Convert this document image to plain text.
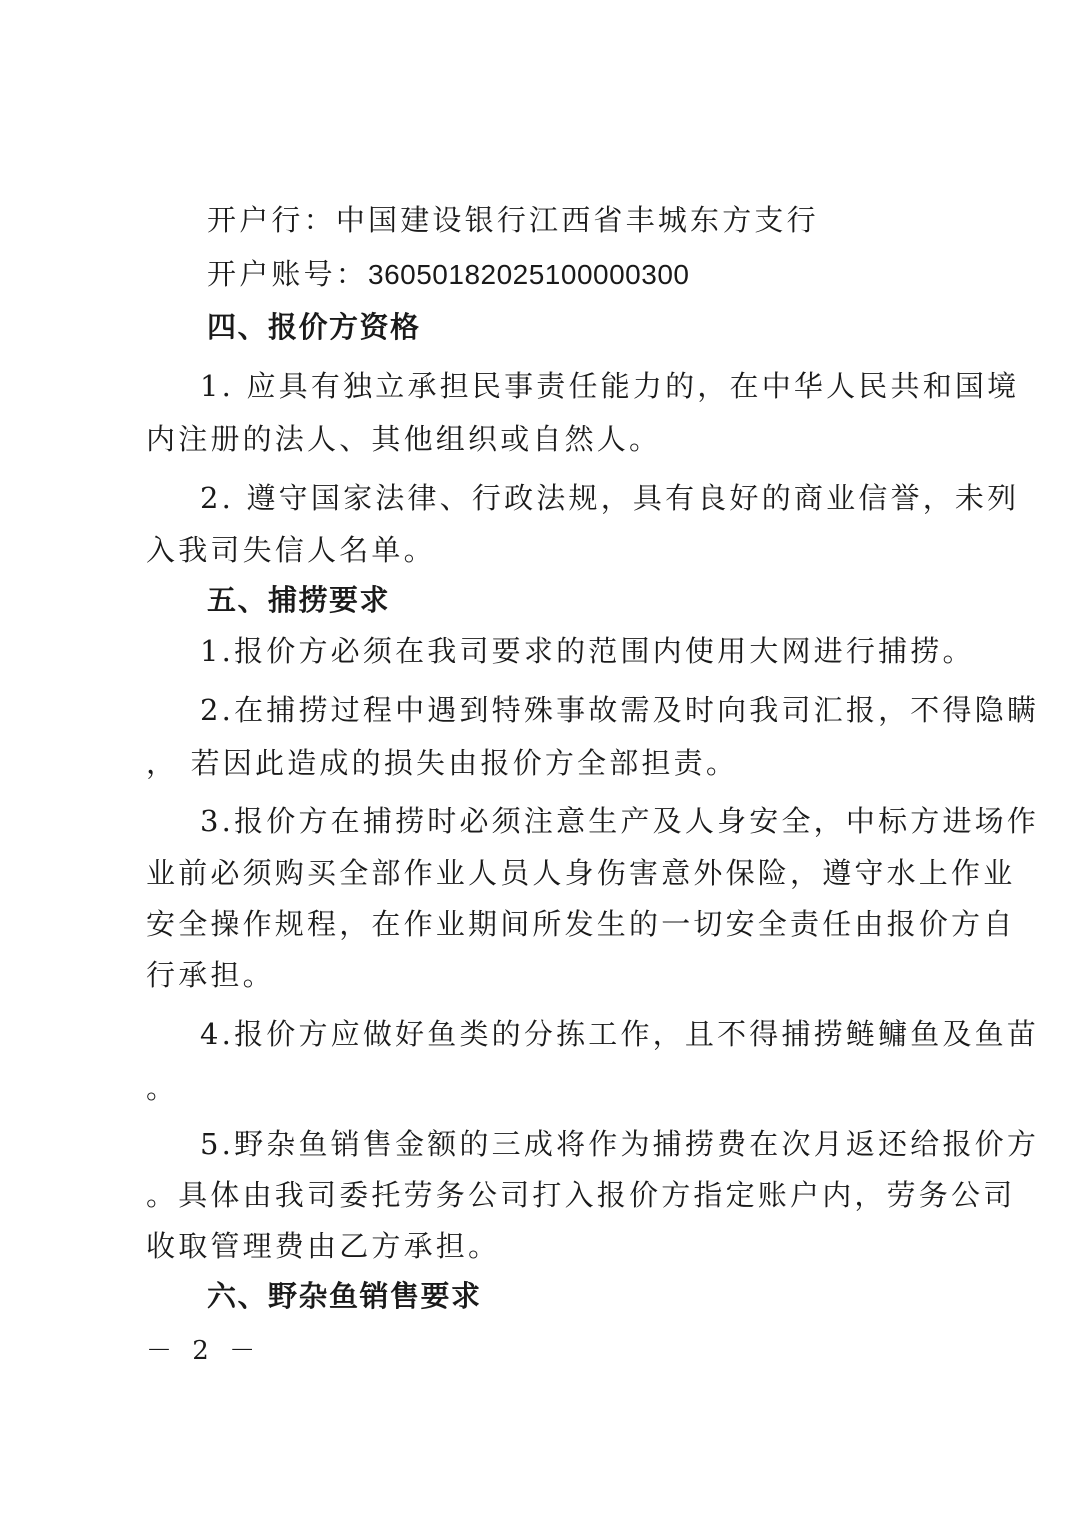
开户行：中国建设银行江西省丰城东方支行
开户账号：36050182025100000300
四、报价方资格
1. 应具有独立承担民事责任能力的，在中华人民共和国境
内注册的法人、其他组织或自然人。
2. 遵守国家法律、行政法规，具有良好的商业信誉，未列
入我司失信人名单。
五、捕捞要求
1.报价方必须在我司要求的范围内使用大网进行捕捞。
2.在捕捞过程中遇到特殊事故需及时向我司汇报，不得隐瞒
， 若因此造成的损失由报价方全部担责。
3.报价方在捕捞时必须注意生产及人身安全，中标方进场作
业前必须购买全部作业人员人身伤害意外保险，遵守水上作业
安全操作规程，在作业期间所发生的一切安全责任由报价方自
行承担。
4.报价方应做好鱼类的分拣工作，且不得捕捞鲢鳙鱼及鱼苗
。
5.野杂鱼销售金额的三成将作为捕捞费在次月返还给报价方
。具体由我司委托劳务公司打入报价方指定账户内，劳务公司
收取管理费由乙方承担。
六、野杂鱼销售要求
－ 2 －
